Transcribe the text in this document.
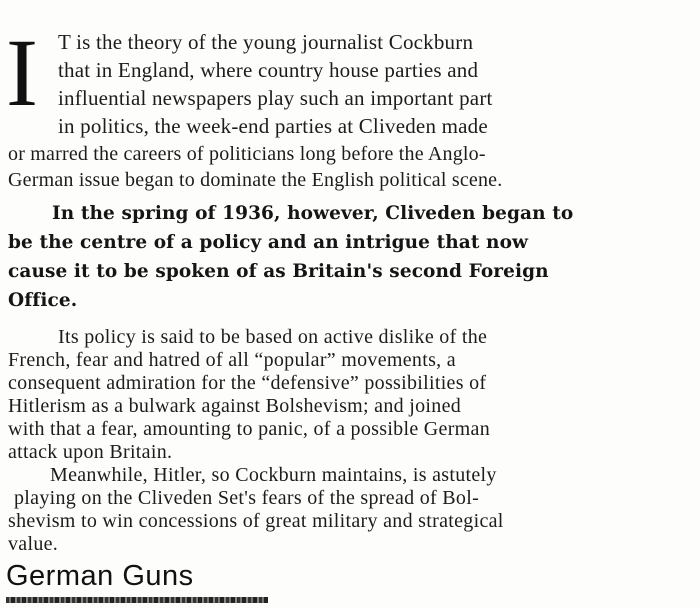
I T is the theory of the young journalist Cockburn
that in England, where country house parties and
influential newspapers play such an important part
in politics, the week-end parties at Cliveden made
or marred the careers of politicians long before the Anglo-
German issue began to dominate the English political scene.
In the spring of 1936, however, Cliveden began to
be the centre of a policy and an intrigue that now
cause it to be spoken of as Britain's second Foreign
Office.
Its policy is said to be based on active dislike of the
French, fear and hatred of all “popular” movements, a
consequent admiration for the “defensive” possibilities of
Hitlerism as a bulwark against Bolshevism; and joined
with that a fear, amounting to panic, of a possible German
attack upon Britain.
Meanwhile, Hitler, so Cockburn maintains, is astutely
playing on the Cliveden Set's fears of the spread of Bol-
shevism to win concessions of great military and strategical
value.
German Guns
